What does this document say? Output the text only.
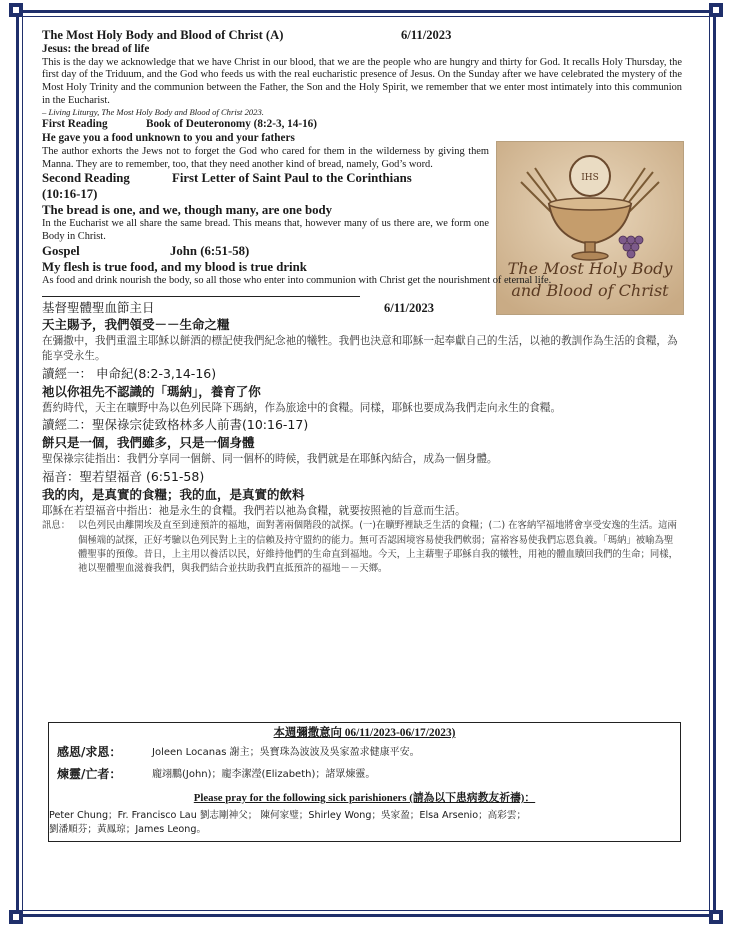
IHS
The Most Holy Body
and Blood of Christ
The Most Holy Body and Blood of Christ (A)	6/11/2023
Jesus: the bread of life
This is the day we acknowledge that we have Christ in our blood, that we are the people who are hungry and thirty for God. It recalls Holy Thursday, the first day of the Triduum, and the God who feeds us with the real eucharistic presence of Jesus. On the Sunday after we have celebrated the mystery of the Most Holy Trinity and the communion between the Father, the Son and the Holy Spirit, we remember that we enter most intimately into this communion in the Eucharist.
– Living Liturgy, The Most Holy Body and Blood of Christ 2023.
First Reading	Book of Deuteronomy (8:2-3, 14-16)
He gave you a food unknown to you and your fathers
The author exhorts the Jews not to forget the God who cared for them in the wilderness by giving them Manna. They are to remember, too, that they need another kind of bread, namely, God’s word.
Second Reading	First Letter of Saint Paul to the Corinthians
(10:16-17)
The bread is one, and we, though many, are one body
In the Eucharist we all share the same bread. This means that, however many of us there are, we form one Body in Christ.
Gospel	John (6:51-58)
My flesh is true food, and my blood is true drink
As food and drink nourish the body, so all those who enter into communion with Christ get the nourishment of eternal life.
基督聖體聖血節主日	6/11/2023
天主賜予，我們領受－－生命之糧
在彌撒中，我們重溫主耶穌以餅酒的標記使我們紀念祂的犧牲。我們也決意和耶穌一起奉獻自己的生活，以祂的教訓作為生活的食糧，為能享受永生。
讀經一： 申命紀(8:2-3,14-16)
祂以你祖先不認識的「瑪納」，養育了你
舊約時代，天主在曠野中為以色列民降下瑪納，作為旅途中的食糧。同樣，耶穌也要成為我們走向永生的食糧。
讀經二：聖保祿宗徒致格林多人前書(10:16-17)
餅只是一個，我們雖多，只是一個身體
聖保祿宗徒指出：我們分享同一個餅、同一個杯的時候，我們就是在耶穌內結合，成為一個身體。
福音：聖若望福音 (6:51-58)
我的肉，是真實的食糧；我的血，是真實的飲料
耶穌在若望福音中指出：祂是永生的食糧。我們若以祂為食糧，就要按照祂的旨意而生活。
訊息： 以色列民由離開埃及直至到達預許的福地，面對著兩個階段的試探。(一)在曠野裡缺乏生活的食糧；(二) 在客納罕福地將會享受安逸的生活。這兩個極端的試探，正好考驗以色列民對上主的信賴及持守盟約的能力。無可否認困境容易使我們軟弱；富裕容易使我們忘恩負義。「瑪納」被喻為聖體聖事的預像。昔日，上主用以養活以民，好維持他們的生命直到福地。今天，上主藉聖子耶穌自我的犧牲，用祂的體血贖回我們的生命；同樣，祂以聖體聖血滋養我們，與我們結合並扶助我們直抵預許的福地－－天鄉。
本週彌撒意向 06/11/2023-06/17/2023)
感恩/求恩：	Joleen Locanas 謝主；吳寶珠為波波及吳家盈求健康平安。
煉靈/亡者：	龐翊鵬(John)；龐李潔瀅(Elizabeth)；諸眾煉靈。
Please pray for the following sick parishioners (請為以下患病教友祈禱)：
Peter Chung；Fr. Francisco Lau 劉志剛神父； 陳何家璧；Shirley Wong；吳家盈；Elsa Arsenio；高彩雲；
劉潘順芬；黃鳳琼；James Leong。
